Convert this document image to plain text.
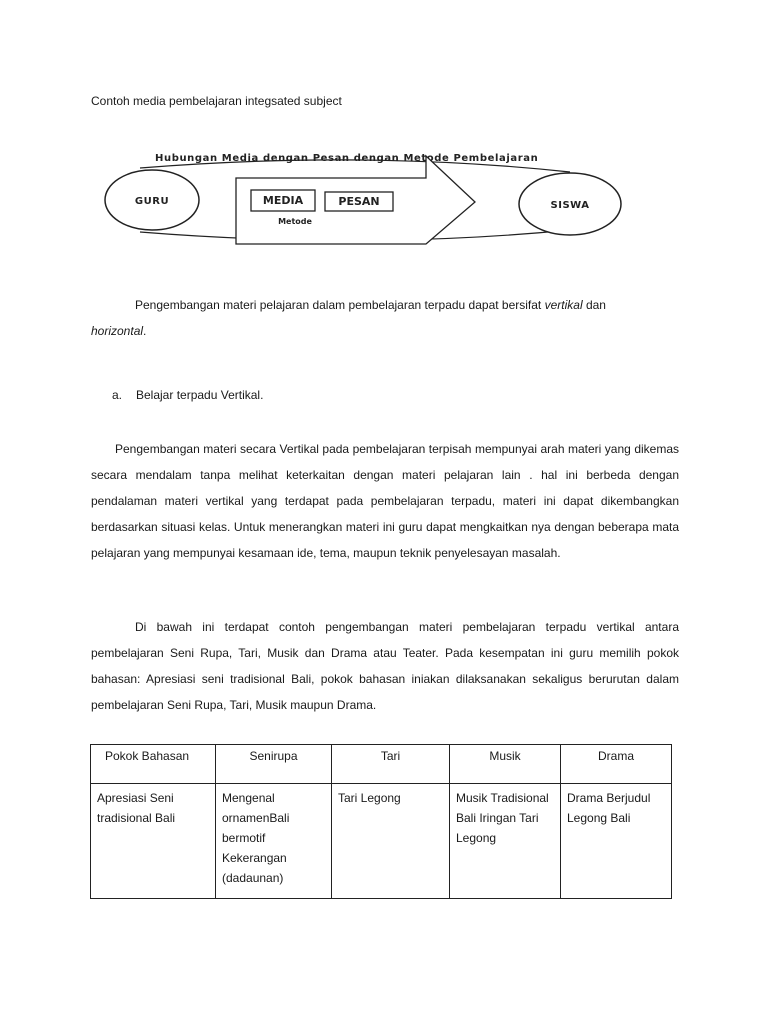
Contoh media pembelajaran integsated subject
Hubungan Media dengan Pesan dengan Metode Pembelajaran
GURU	SISWA
MEDIA	PESAN
Metode
Pengembangan materi pelajaran dalam pembelajaran terpadu dapat bersifat vertikal dan
horizontal.
a. Belajar terpadu Vertikal.
Pengembangan materi secara Vertikal pada pembelajaran terpisah mempunyai arah materi yang dikemas secara mendalam tanpa melihat keterkaitan dengan materi pelajaran lain . hal ini berbeda dengan pendalaman materi vertikal yang terdapat pada pembelajaran terpadu, materi ini dapat dikembangkan berdasarkan situasi kelas. Untuk menerangkan materi ini guru dapat mengkaitkan nya dengan beberapa mata pelajaran yang mempunyai kesamaan ide, tema, maupun teknik penyelesayan masalah.
Di bawah ini terdapat contoh pengembangan materi pembelajaran terpadu vertikal antara pembelajaran Seni Rupa, Tari, Musik dan Drama atau Teater. Pada kesempatan ini guru memilih pokok bahasan: Apresiasi seni tradisional Bali, pokok bahasan iniakan dilaksanakan sekaligus berurutan dalam pembelajaran Seni Rupa, Tari, Musik maupun Drama.
Pokok Bahasan	Senirupa	Tari	Musik	Drama
Apresiasi Seni tradisional Bali	Mengenal ornamenBali bermotif Kekerangan (dadaunan)	Tari Legong	Musik Tradisional Bali Iringan Tari Legong	Drama Berjudul Legong Bali
